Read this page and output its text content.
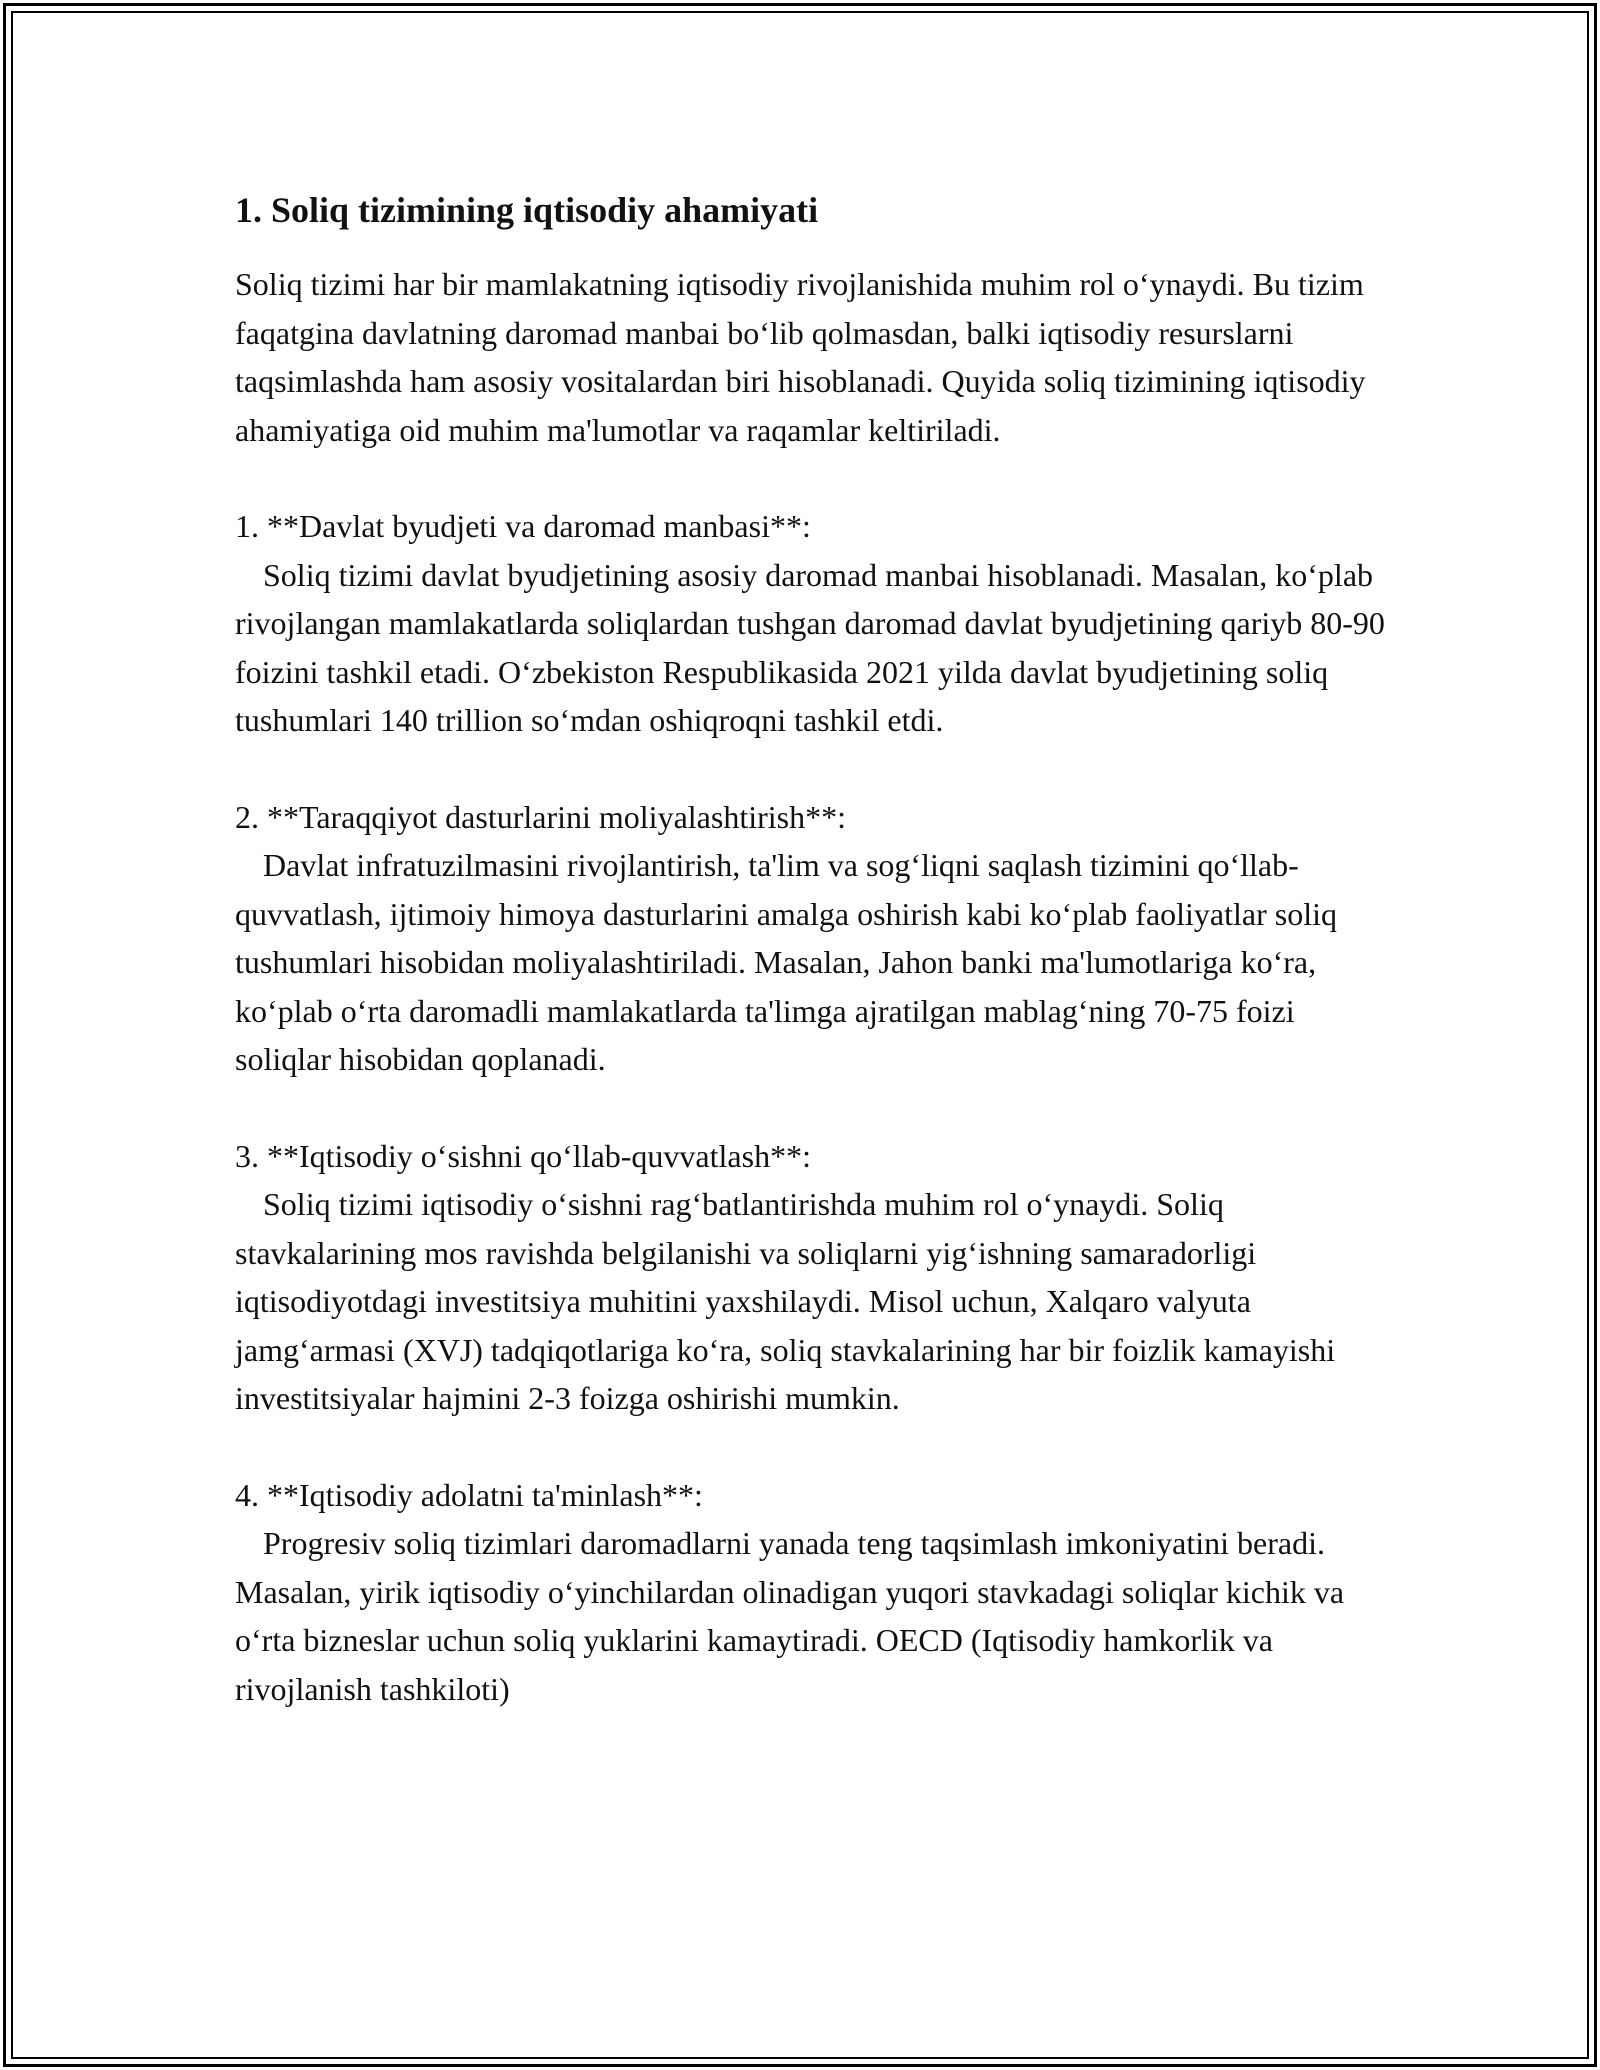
1. Soliq tizimining iqtisodiy ahamiyati

Soliq tizimi har bir mamlakatning iqtisodiy rivojlanishida muhim rol o‘ynaydi. Bu tizim faqatgina davlatning daromad manbai bo‘lib qolmasdan, balki iqtisodiy resurslarni taqsimlashda ham asosiy vositalardan biri hisoblanadi. Quyida soliq tizimining iqtisodiy ahamiyatiga oid muhim ma'lumotlar va raqamlar keltiriladi.

1. **Davlat byudjeti va daromad manbasi**:
Soliq tizimi davlat byudjetining asosiy daromad manbai hisoblanadi. Masalan, ko‘plab rivojlangan mamlakatlarda soliqlardan tushgan daromad davlat byudjetining qariyb 80-90 foizini tashkil etadi. O‘zbekiston Respublikasida 2021 yilda davlat byudjetining soliq tushumlari 140 trillion so‘mdan oshiqroqni tashkil etdi.
2. **Taraqqiyot dasturlarini moliyalashtirish**:
Davlat infratuzilmasini rivojlantirish, ta'lim va sog‘liqni saqlash tizimini qo‘llab-quvvatlash, ijtimoiy himoya dasturlarini amalga oshirish kabi ko‘plab faoliyatlar soliq tushumlari hisobidan moliyalashtiriladi. Masalan, Jahon banki ma'lumotlariga ko‘ra, ko‘plab o‘rta daromadli mamlakatlarda ta'limga ajratilgan mablag‘ning 70-75 foizi soliqlar hisobidan qoplanadi.
3. **Iqtisodiy o‘sishni qo‘llab-quvvatlash**:
Soliq tizimi iqtisodiy o‘sishni rag‘batlantirishda muhim rol o‘ynaydi. Soliq stavkalarining mos ravishda belgilanishi va soliqlarni yig‘ishning samaradorligi iqtisodiyotdagi investitsiya muhitini yaxshilaydi. Misol uchun, Xalqaro valyuta jamg‘armasi (XVJ) tadqiqotlariga ko‘ra, soliq stavkalarining har bir foizlik kamayishi investitsiyalar hajmini 2-3 foizga oshirishi mumkin.
4. **Iqtisodiy adolatni ta'minlash**:
Progresiv soliq tizimlari daromadlarni yanada teng taqsimlash imkoniyatini beradi. Masalan, yirik iqtisodiy o‘yinchilardan olinadigan yuqori stavkadagi soliqlar kichik va o‘rta bizneslar uchun soliq yuklarini kamaytiradi. OECD (Iqtisodiy hamkorlik va rivojlanish tashkiloti)
